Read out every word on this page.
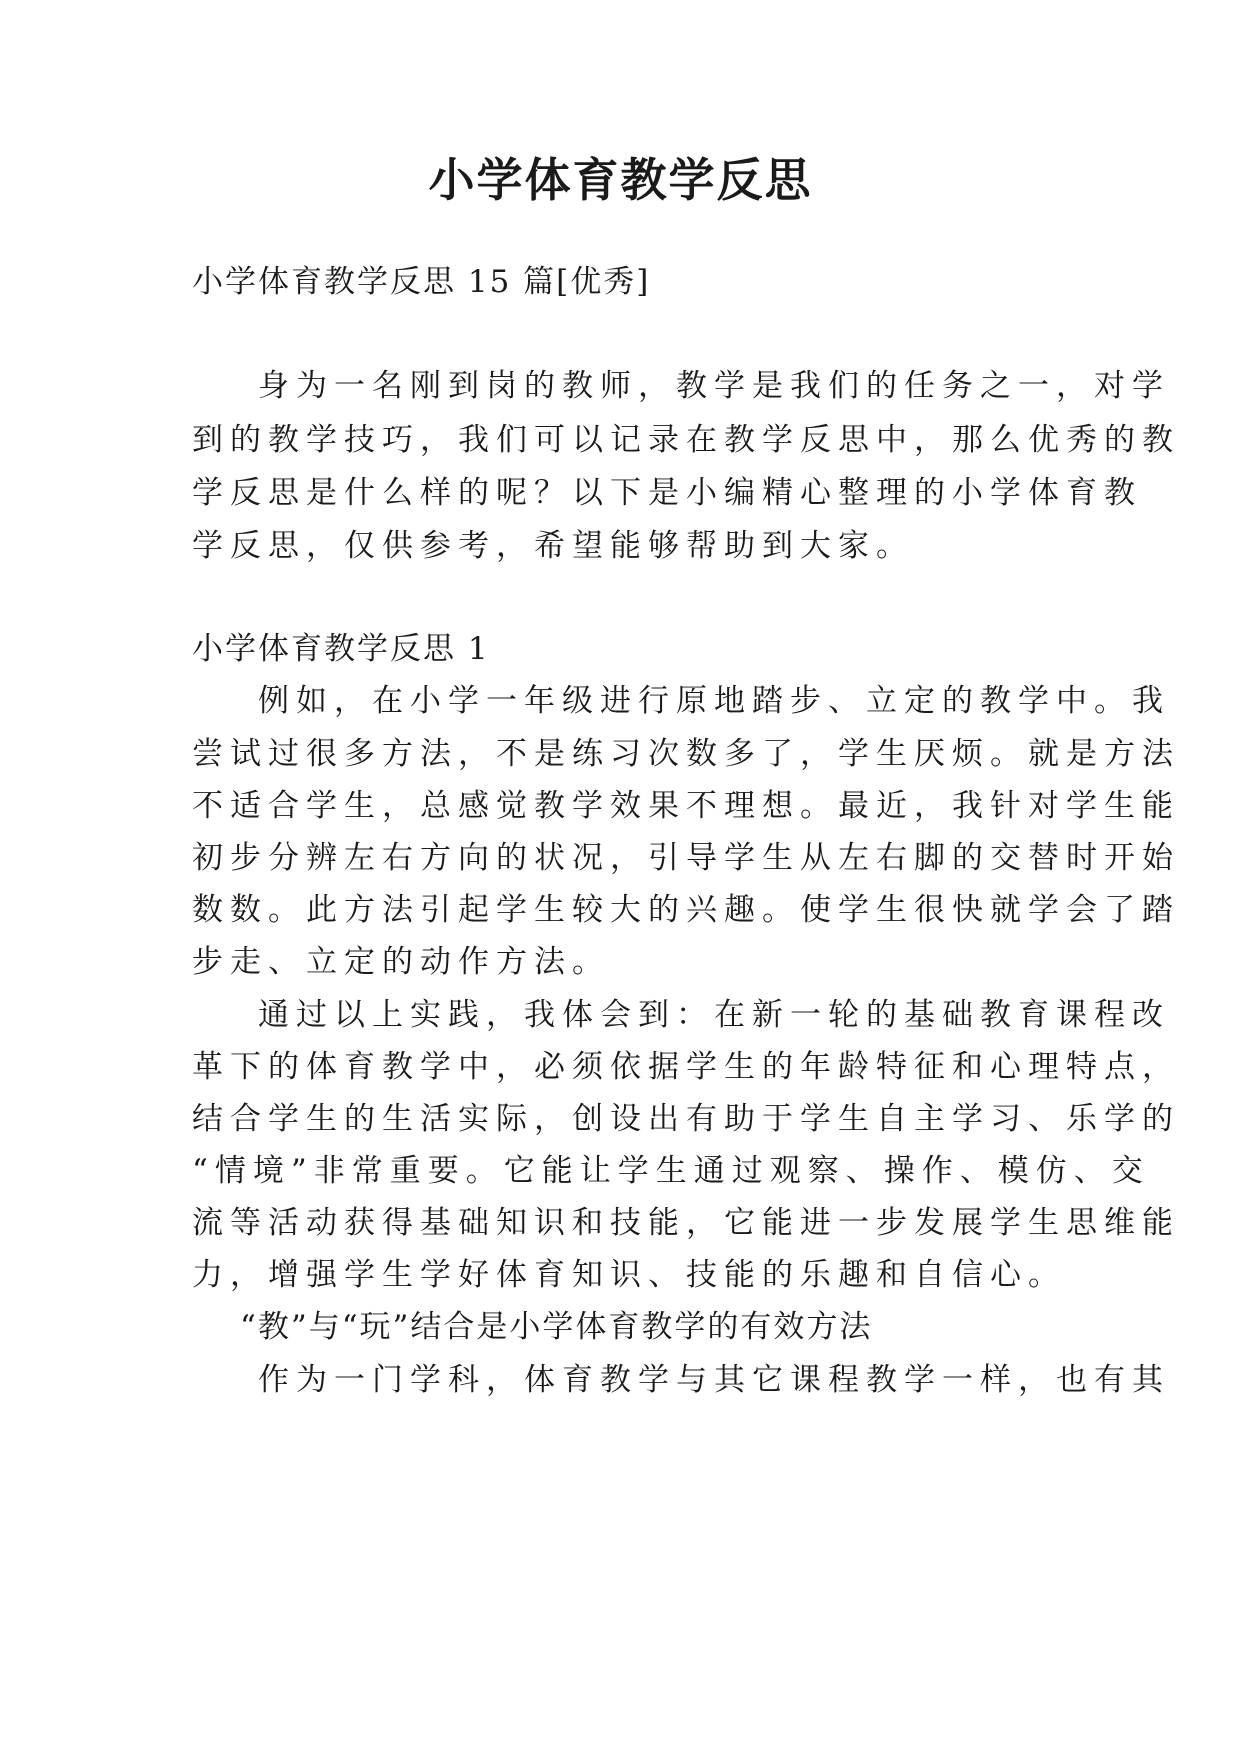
小学体育教学反思
小学体育教学反思 15 篇[优秀]
身为一名刚到岗的教师，教学是我们的任务之一，对学
到的教学技巧，我们可以记录在教学反思中，那么优秀的教
学反思是什么样的呢？以下是小编精心整理的小学体育教
学反思，仅供参考，希望能够帮助到大家。
小学体育教学反思 1
例如，在小学一年级进行原地踏步、立定的教学中。我
尝试过很多方法，不是练习次数多了，学生厌烦。就是方法
不适合学生，总感觉教学效果不理想。最近，我针对学生能
初步分辨左右方向的状况，引导学生从左右脚的交替时开始
数数。此方法引起学生较大的兴趣。使学生很快就学会了踏
步走、立定的动作方法。
通过以上实践，我体会到：在新一轮的基础教育课程改
革下的体育教学中，必须依据学生的年龄特征和心理特点，
结合学生的生活实际，创设出有助于学生自主学习、乐学的
“情境”非常重要。它能让学生通过观察、操作、模仿、交
流等活动获得基础知识和技能，它能进一步发展学生思维能
力，增强学生学好体育知识、技能的乐趣和自信心。
“教”与“玩”结合是小学体育教学的有效方法
作为一门学科，体育教学与其它课程教学一样，也有其
